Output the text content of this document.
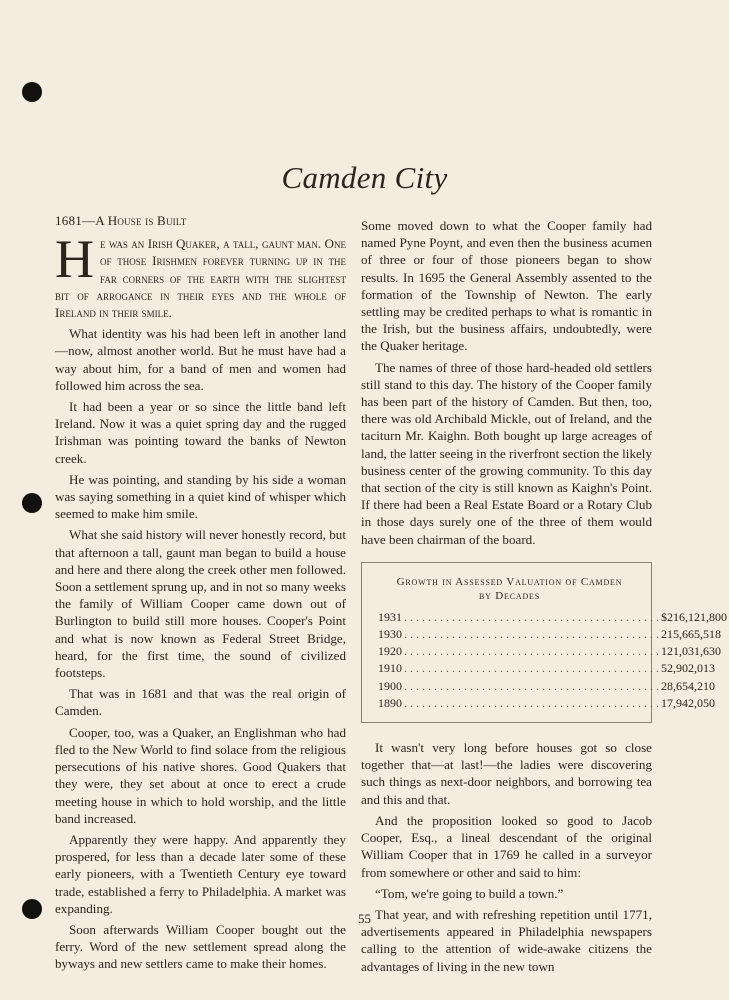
Camden City
1681—A House is Built

He was an Irish Quaker, a tall, gaunt man. One of those Irishmen forever turning up in the far corners of the earth with the slightest bit of arrogance in their eyes and the whole of Ireland in their smile.

What identity was his had been left in another land—now, almost another world. But he must have had a way about him, for a band of men and women had followed him across the sea.

It had been a year or so since the little band left Ireland. Now it was a quiet spring day and the rugged Irishman was pointing toward the banks of Newton creek.

He was pointing, and standing by his side a woman was saying something in a quiet kind of whisper which seemed to make him smile.

What she said history will never honestly record, but that afternoon a tall, gaunt man began to build a house and here and there along the creek other men followed. Soon a settlement sprung up, and in not so many weeks the family of William Cooper came down out of Burlington to build still more houses. Cooper's Point and what is now known as Federal Street Bridge, heard, for the first time, the sound of civilized footsteps.

That was in 1681 and that was the real origin of Camden.

Cooper, too, was a Quaker, an Englishman who had fled to the New World to find solace from the religious persecutions of his native shores. Good Quakers that they were, they set about at once to erect a crude meeting house in which to hold worship, and the little band increased.

Apparently they were happy. And apparently they prospered, for less than a decade later some of these early pioneers, with a Twentieth Century eye toward trade, established a ferry to Philadelphia. A market was expanding.

Soon afterwards William Cooper bought out the ferry. Word of the new settlement spread along the byways and new settlers came to make their homes.

Some moved down to what the Cooper family had named Pyne Poynt, and even then the business acumen of three or four of those pioneers began to show results. In 1695 the General Assembly assented to the formation of the Township of Newton. The early settling may be credited perhaps to what is romantic in the Irish, but the business affairs, undoubtedly, were the Quaker heritage.

The names of three of those hard-headed old settlers still stand to this day. The history of the Cooper family has been part of the history of Camden. But then, too, there was old Archibald Mickle, out of Ireland, and the taciturn Mr. Kaighn. Both bought up large acreages of land, the latter seeing in the riverfront section the likely business center of the growing community. To this day that section of the city is still known as Kaighn's Point. If there had been a Real Estate Board or a Rotary Club in those days surely one of the three of them would have been chairman of the board.

Growth in Assessed Valuation of Camden
by Decades
1931 . . . . . . . . . . . . . . . . . . . . . . . . . . . . . . . . . . . . . . . . . . . $216,121,800
1930 . . . . . . . . . . . . . . . . . . . . . . . . . . . . . . . . . . . . . . . . . . . 215,665,518
1920 . . . . . . . . . . . . . . . . . . . . . . . . . . . . . . . . . . . . . . . . . . . 121,031,630
1910 . . . . . . . . . . . . . . . . . . . . . . . . . . . . . . . . . . . . . . . . . . . 52,902,013
1900 . . . . . . . . . . . . . . . . . . . . . . . . . . . . . . . . . . . . . . . . . . . 28,654,210
1890 . . . . . . . . . . . . . . . . . . . . . . . . . . . . . . . . . . . . . . . . . . . 17,942,050

It wasn't very long before houses got so close together that—at last!—the ladies were discovering such things as next-door neighbors, and borrowing tea and this and that.

And the proposition looked so good to Jacob Cooper, Esq., a lineal descendant of the original William Cooper that in 1769 he called in a surveyor from somewhere or other and said to him:

“Tom, we're going to build a town.”

That year, and with refreshing repetition until 1771, advertisements appeared in Philadelphia newspapers calling to the attention of wide-awake citizens the advantages of living in the new town

55
